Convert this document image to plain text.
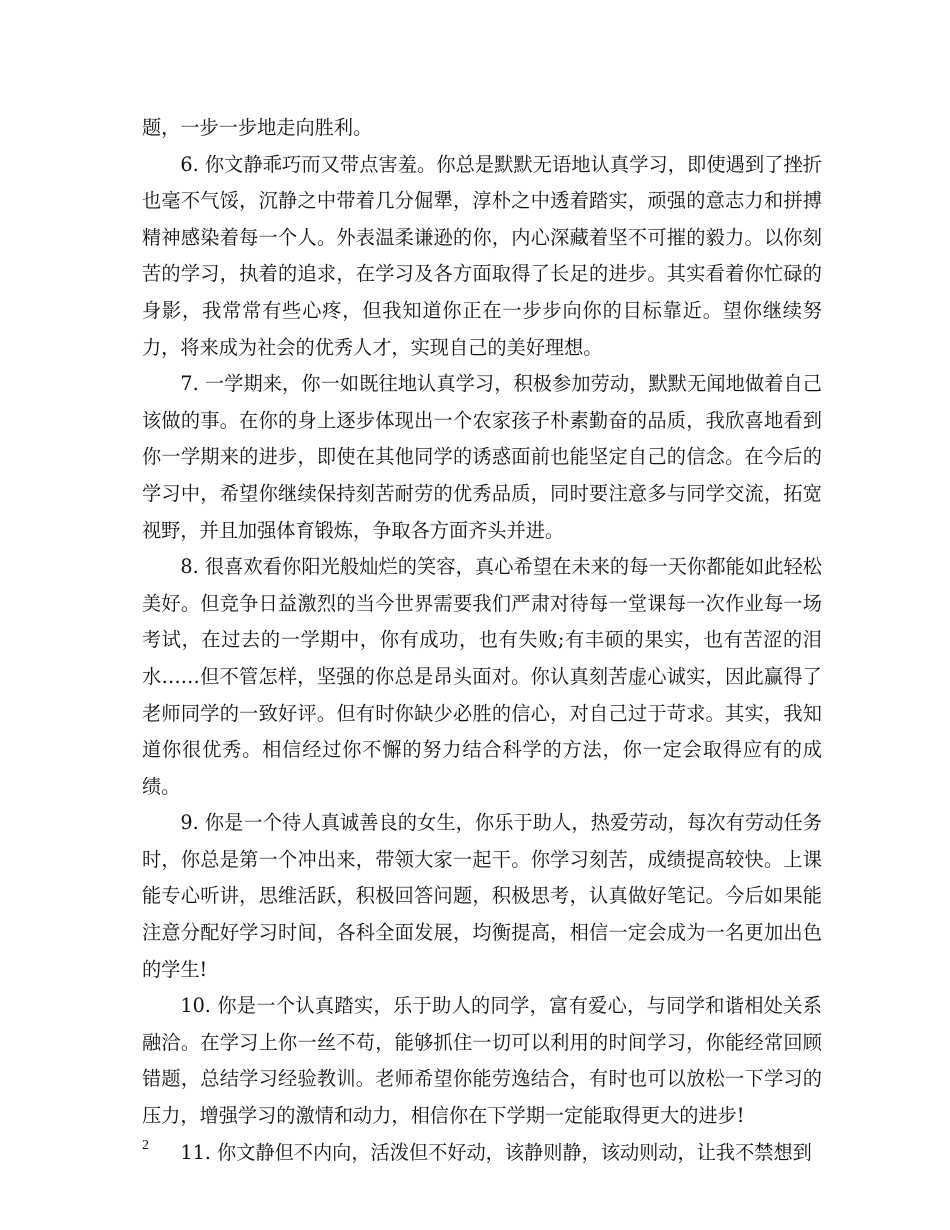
题，一步一步地走向胜利。

6. 你文静乖巧而又带点害羞。你总是默默无语地认真学习，即使遇到了挫折也毫不气馁，沉静之中带着几分倔犟，淳朴之中透着踏实，顽强的意志力和拼搏精神感染着每一个人。外表温柔谦逊的你，内心深藏着坚不可摧的毅力。以你刻苦的学习，执着的追求，在学习及各方面取得了长足的进步。其实看着你忙碌的身影，我常常有些心疼，但我知道你正在一步步向你的目标靠近。望你继续努力，将来成为社会的优秀人才，实现自己的美好理想。

7. 一学期来，你一如既往地认真学习，积极参加劳动，默默无闻地做着自己该做的事。在你的身上逐步体现出一个农家孩子朴素勤奋的品质，我欣喜地看到你一学期来的进步，即使在其他同学的诱惑面前也能坚定自己的信念。在今后的学习中，希望你继续保持刻苦耐劳的优秀品质，同时要注意多与同学交流，拓宽视野，并且加强体育锻炼，争取各方面齐头并进。

8. 很喜欢看你阳光般灿烂的笑容，真心希望在未来的每一天你都能如此轻松美好。但竞争日益激烈的当今世界需要我们严肃对待每一堂课每一次作业每一场考试，在过去的一学期中，你有成功，也有失败;有丰硕的果实，也有苦涩的泪水……但不管怎样，坚强的你总是昂头面对。你认真刻苦虚心诚实，因此赢得了老师同学的一致好评。但有时你缺少必胜的信心，对自己过于苛求。其实，我知道你很优秀。相信经过你不懈的努力结合科学的方法，你一定会取得应有的成绩。

9. 你是一个待人真诚善良的女生，你乐于助人，热爱劳动，每次有劳动任务时，你总是第一个冲出来，带领大家一起干。你学习刻苦，成绩提高较快。上课能专心听讲，思维活跃，积极回答问题，积极思考，认真做好笔记。今后如果能注意分配好学习时间，各科全面发展，均衡提高，相信一定会成为一名更加出色的学生!

10. 你是一个认真踏实，乐于助人的同学，富有爱心，与同学和谐相处关系融洽。在学习上你一丝不苟，能够抓住一切可以利用的时间学习，你能经常回顾错题，总结学习经验教训。老师希望你能劳逸结合，有时也可以放松一下学习的压力，增强学习的激情和动力，相信你在下学期一定能取得更大的进步!

11. 你文静但不内向，活泼但不好动，该静则静，该动则动，让我不禁想到

2
